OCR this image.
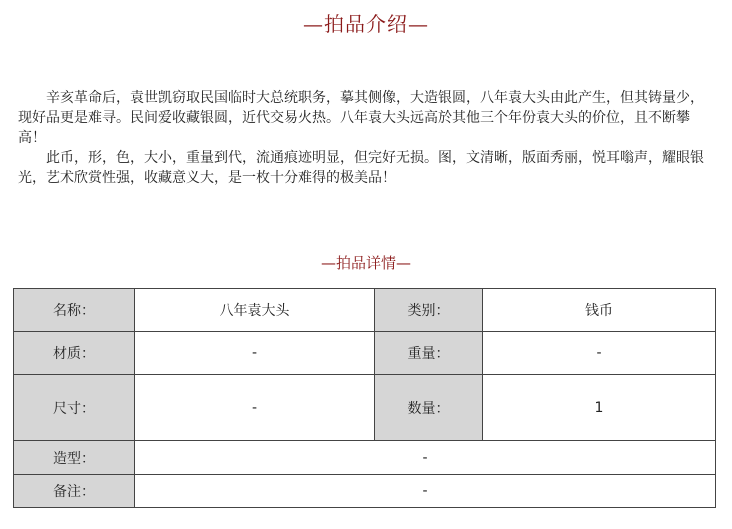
—拍品介绍—

辛亥革命后，袁世凯窃取民国临时大总统职务，摹其侧像，大造银圆，八年袁大头由此产生，但其铸量少，现好品更是难寻。民间爱收藏银圆，近代交易火热。八年袁大头远高於其他三个年份袁大头的价位，且不断攀高！

此币，形，色，大小，重量到代，流通痕迹明显，但完好无损。图，文清晰，版面秀丽，悦耳嗡声，耀眼银光，艺术欣赏性强，收藏意义大，是一枚十分难得的极美品！

—拍品详情—
名称：	八年袁大头	类别：	钱币
材质：	-	重量：	-
尺寸：	-	数量：	1
造型：	-		
备注：	-		
